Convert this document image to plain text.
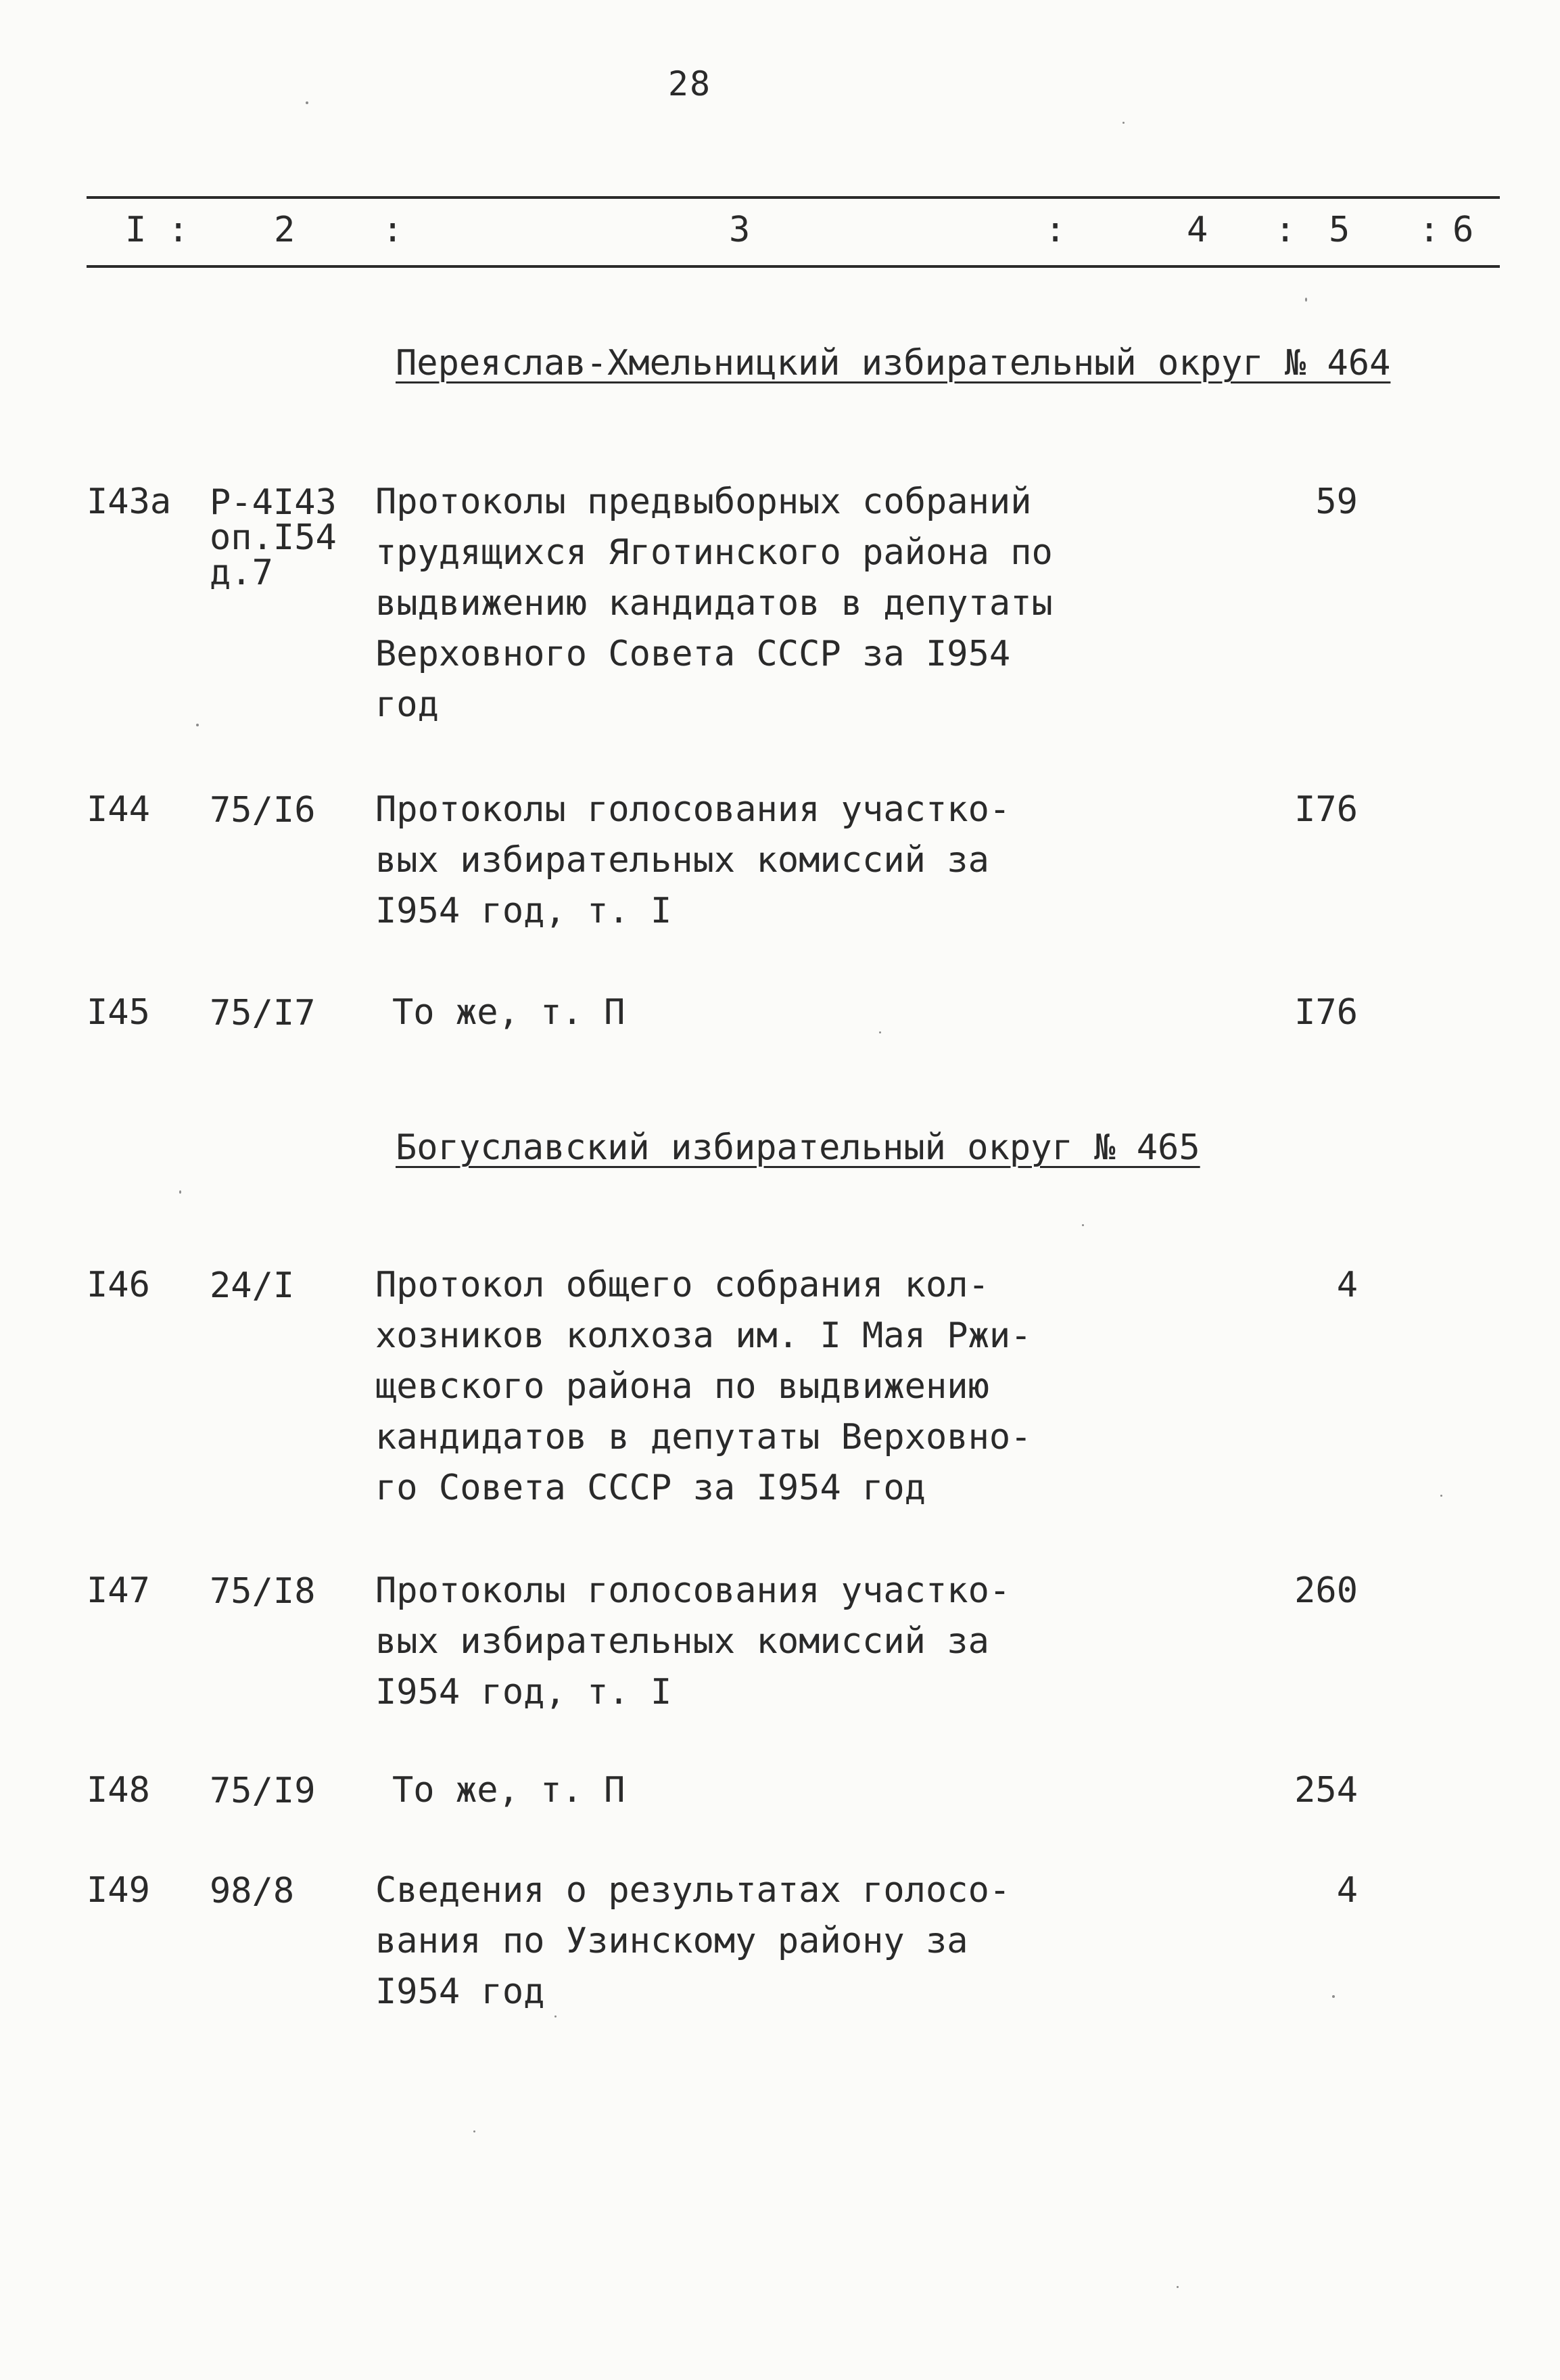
28
I : 2 :	3	:	4 : 5 : 6
Переяслав-Хмельницкий избирательный округ № 464
I43а Р-4I43
оп.I54
д.7
Протоколы предвыборных собраний
трудящихся Яготинского района по
выдвижению кандидатов в депутаты
Верховного Совета СССР за I954
год
59
I44 75/I6 Протоколы голосования участко-
вых избирательных комиссий за
I954 год, т. I
I76
I45 75/I7 То же, т. П	I76
Богуславский избирательный округ № 465
I46 24/I Протокол общего собрания кол-
хозников колхоза им. I Мая Ржи-
щевского района по выдвижению
кандидатов в депутаты Верховно-
го Совета СССР за I954 год
4
I47 75/I8 Протоколы голосования участко-
вых избирательных комиссий за
I954 год, т. I
260
I48 75/I9 То же, т. П	254
I49 98/8 Сведения о результатах голосо-
вания по Узинскому району за
I954 год
4
